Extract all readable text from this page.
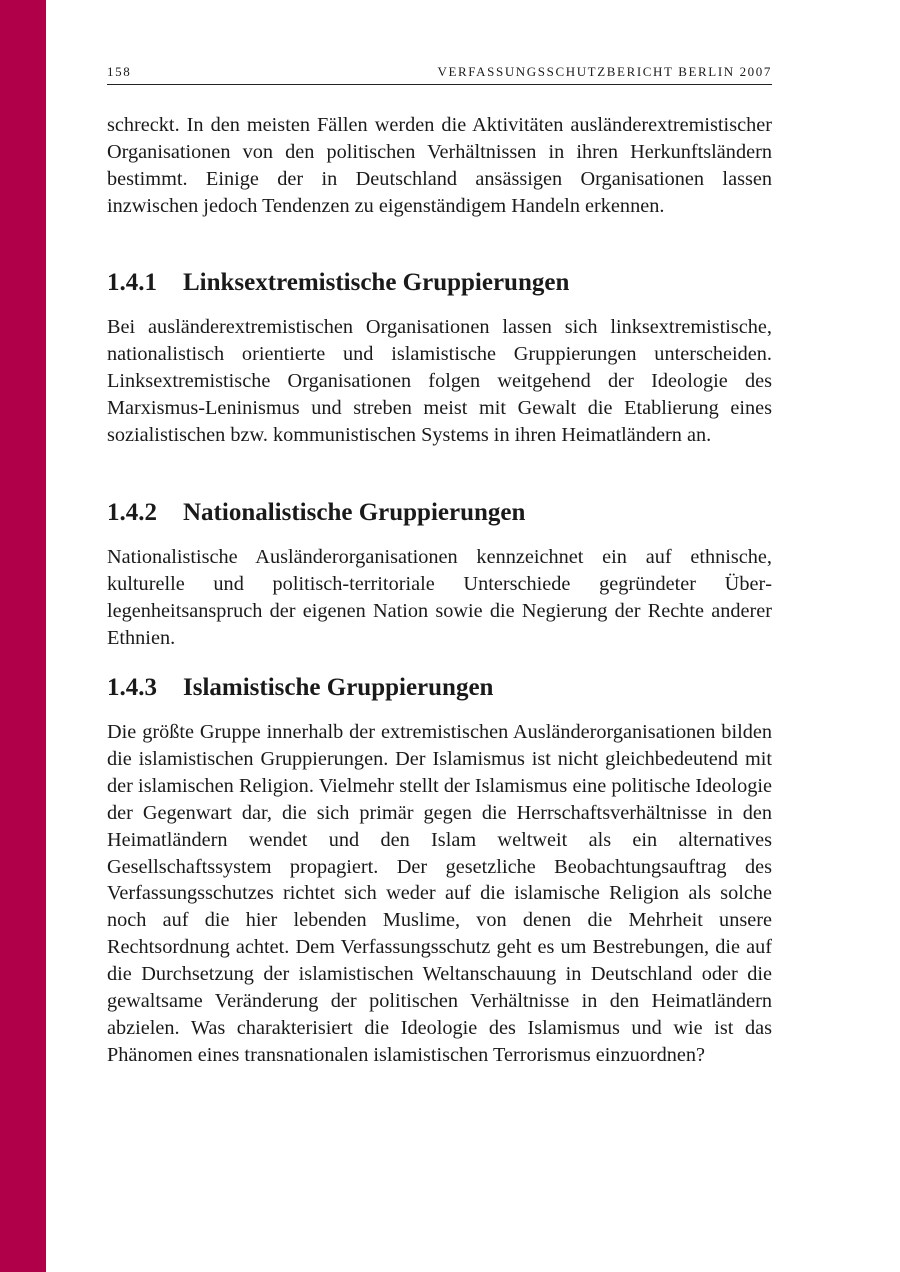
158	VERFASSUNGSSCHUTZBERICHT BERLIN 2007

schreckt. In den meisten Fällen werden die Aktivitäten ausländerextremistischer Organisationen von den politischen Verhältnissen in ihren Herkunftsländern bestimmt. Einige der in Deutschland ansässigen Organisationen lassen inzwischen jedoch Tendenzen zu eigenständigem Handeln erkennen.

1.4.1 Linksextremistische Gruppierungen

Bei ausländerextremistischen Organisationen lassen sich linksextremistische, nationalistisch orientierte und islamistische Gruppierungen unterscheiden. Linksextremistische Organisationen folgen weitgehend der Ideologie des Marxismus-Leninismus und streben meist mit Gewalt die Etablierung eines sozialistischen bzw. kommunistischen Systems in ihren Heimatländern an.

1.4.2 Nationalistische Gruppierungen

Nationalistische Ausländerorganisationen kennzeichnet ein auf ethnische, kulturelle und politisch-territoriale Unterschiede gegründeter Überlegenheitsanspruch der eigenen Nation sowie die Negierung der Rechte anderer Ethnien.

1.4.3 Islamistische Gruppierungen

Die größte Gruppe innerhalb der extremistischen Ausländerorganisationen bilden die islamistischen Gruppierungen. Der Islamismus ist nicht gleichbedeutend mit der islamischen Religion. Vielmehr stellt der Islamismus eine politische Ideologie der Gegenwart dar, die sich primär gegen die Herrschaftsverhältnisse in den Heimatländern wendet und den Islam weltweit als ein alternatives Gesellschaftssystem propagiert. Der gesetzliche Beobachtungsauftrag des Verfassungsschutzes richtet sich weder auf die islamische Religion als solche noch auf die hier lebenden Muslime, von denen die Mehrheit unsere Rechtsordnung achtet. Dem Verfassungsschutz geht es um Bestrebungen, die auf die Durchsetzung der islamistischen Weltanschauung in Deutschland oder die gewaltsame Veränderung der politischen Verhältnisse in den Heimatländern abzielen. Was charakterisiert die Ideologie des Islamismus und wie ist das Phänomen eines transnationalen islamistischen Terrorismus einzuordnen?
